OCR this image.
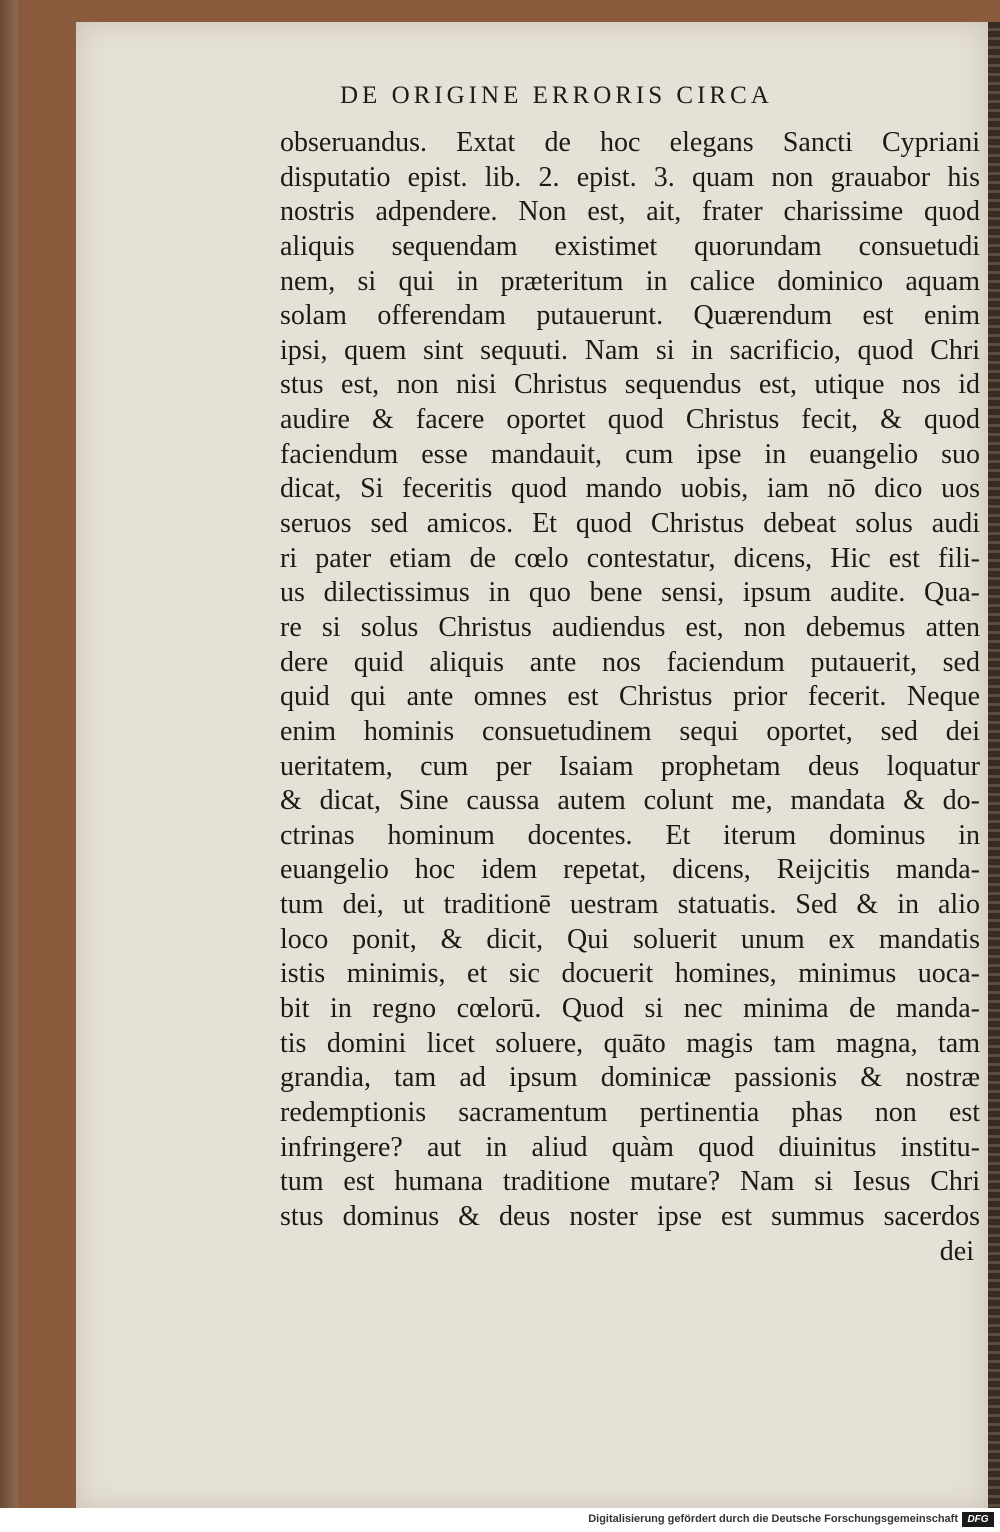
DE ORIGINE ERRORIS CIRCA
obseruandus. Extat de hoc elegans Sancti Cypriani
disputatio epist. lib. 2. epist. 3. quam non grauabor his
nostris adpendere. Non est, ait, frater charissime quod
aliquis sequendam existimet quorundam consuetudi
nem, si qui in præteritum in calice dominico aquam
solam offerendam putauerunt. Quærendum est enim
ipsi, quem sint sequuti. Nam si in sacrificio, quod Chri
stus est, non nisi Christus sequendus est, utique nos id
audire & facere oportet quod Christus fecit, & quod
faciendum esse mandauit, cum ipse in euangelio suo
dicat, Si feceritis quod mando uobis, iam nō dico uos
seruos sed amicos. Et quod Christus debeat solus audi
ri pater etiam de cœlo contestatur, dicens, Hic est fili-
us dilectissimus in quo bene sensi, ipsum audite. Qua-
re si solus Christus audiendus est, non debemus atten
dere quid aliquis ante nos faciendum putauerit, sed
quid qui ante omnes est Christus prior fecerit. Neque
enim hominis consuetudinem sequi oportet, sed dei
ueritatem, cum per Isaiam prophetam deus loquatur
& dicat, Sine caussa autem colunt me, mandata & do-
ctrinas hominum docentes. Et iterum dominus in
euangelio hoc idem repetat, dicens, Reijcitis manda-
tum dei, ut traditionē uestram statuatis. Sed & in alio
loco ponit, & dicit, Qui soluerit unum ex mandatis
istis minimis, et sic docuerit homines, minimus uoca-
bit in regno cœlorū. Quod si nec minima de manda-
tis domini licet soluere, quāto magis tam magna, tam
grandia, tam ad ipsum dominicæ passionis & nostræ
redemptionis sacramentum pertinentia phas non est
infringere? aut in aliud quàm quod diuinitus institu-
tum est humana traditione mutare? Nam si Iesus Chri
stus dominus & deus noster ipse est summus sacerdos
dei
Digitalisierung gefördert durch die Deutsche Forschungsgemeinschaft DFG
